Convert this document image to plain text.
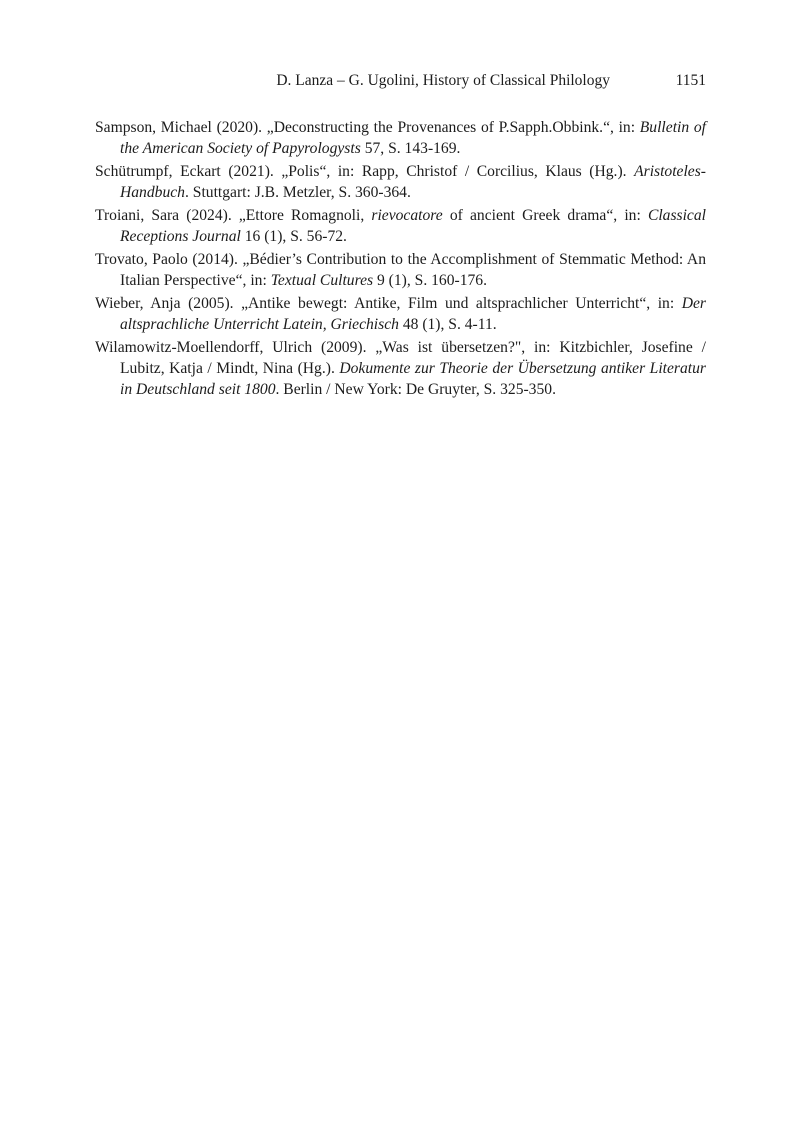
D. Lanza – G. Ugolini, History of Classical Philology	1151

Sampson, Michael (2020). „Deconstructing the Provenances of P.Sapph.Obbink.“, in: Bulletin of the American Society of Papyrologysts 57, S. 143-169.

Schütrumpf, Eckart (2021). „Polis“, in: Rapp, Christof / Corcilius, Klaus (Hg.). Aristoteles-Handbuch. Stuttgart: J.B. Metzler, S. 360-364.

Troiani, Sara (2024). „Ettore Romagnoli, rievocatore of ancient Greek drama“, in: Classical Receptions Journal 16 (1), S. 56-72.

Trovato, Paolo (2014). „Bédier’s Contribution to the Accomplishment of Stemmatic Method: An Italian Perspective“, in: Textual Cultures 9 (1), S. 160-176.

Wieber, Anja (2005). „Antike bewegt: Antike, Film und altsprachlicher Unterricht“, in: Der altsprachliche Unterricht Latein, Griechisch 48 (1), S. 4-11.

Wilamowitz-Moellendorff, Ulrich (2009). „Was ist übersetzen?", in: Kitzbichler, Josefine / Lubitz, Katja / Mindt, Nina (Hg.). Dokumente zur Theorie der Übersetzung antiker Literatur in Deutschland seit 1800. Berlin / New York: De Gruyter, S. 325-350.
